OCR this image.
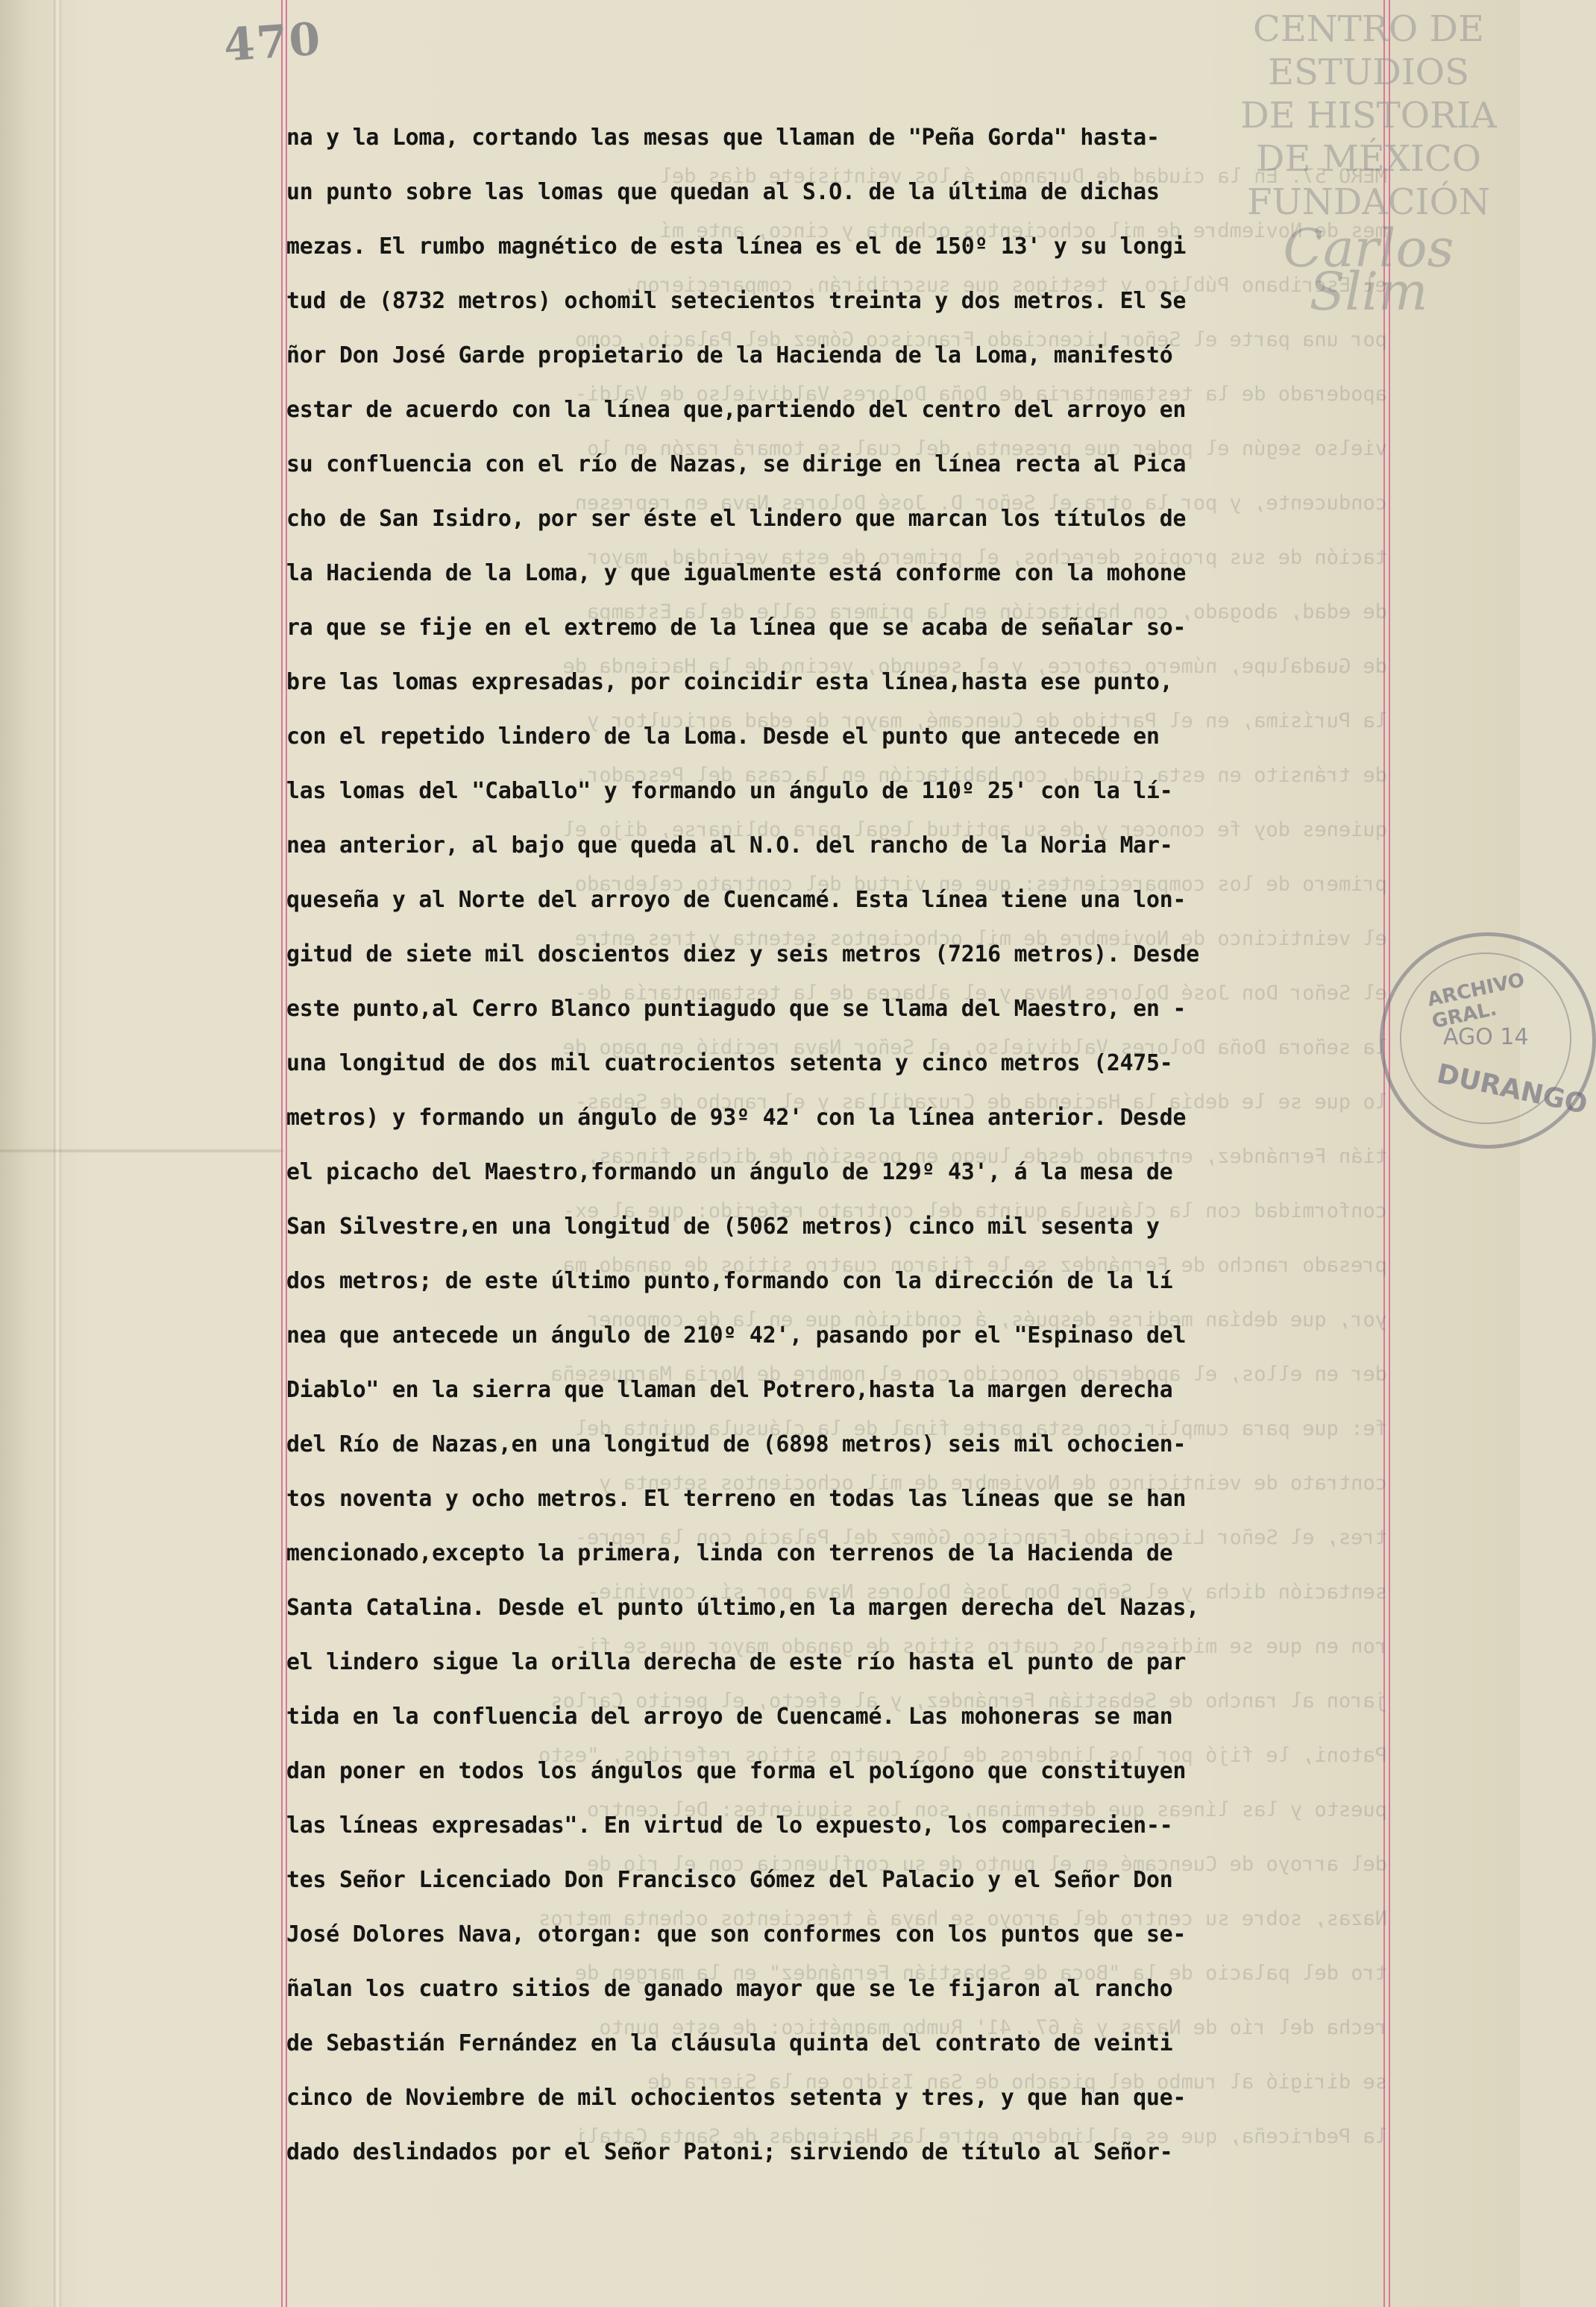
470	CENTRO DE
ESTUDIOS
DE HISTORIA
DE MÉXICO
FUNDACIÓN
Carlos Slim
MERO 57. En la ciudad de Durango, á los veintisiete días del
mes de Noviembre de mil ochocientos ochenta y cinco, ante mí
el Escribano Público y testigos que suscribirán, comparecieron,
por una parte el Señor Licenciado Francisco Gómez del Palacio, como
apoderado de la testamentaria de Doña Dolores Valdivielso de Valdi-
vielso según el poder que presenta, del cual se tomará razón en lo
conducente, y por la otra el Señor D. José Dolores Nava en represen
tación de sus propios derechos, el primero de esta vecindad, mayor
de edad, abogado, con habitación en la primera calle de la Estampa
de Guadalupe, número catorce, y el segundo, vecino de la Hacienda de
la Purísima, en el Partido de Cuencamé, mayor de edad agricultor y
de tránsito en esta ciudad, con habitación en la casa del Pescador,
quienes doy fe conocer y de su aptitud legal para obligarse, dijo el
primero de los comparecientes: que en virtud del contrato celebrado
el veinticinco de Noviembre de mil ochocientos setenta y tres entre
el Señor Don José Dolores Nava y el albacea de la testamentaría de-
la señora Doña Dolores Valdivielso, el Señor Nava recibió en pago de
lo que se le debía la Hacienda de Cruzadillas y el rancho de Sebas-
tián Fernández, entrando desde luego en posesión de dichas fincas,
conformidad con la cláusula quinta del contrato referido: que al ex-
presado rancho de Fernández se le fijaron cuatro sitios de ganado ma
yor, que debían medirse después, á condición que en la de componer
der en ellos, el apoderado conocido con el nombre de Noria Marqueseña
fe: que para cumplir con esta parte final de la cláusula quinta del
contrato de veinticinco de Noviembre de mil ochocientos setenta y
tres, el Señor Licenciado Francisco Gómez del Palacio con la repre-
sentación dicha y el Señor Don José Dolores Nava por sí, convinie-
ron en que se midiesen los cuatro sitios de ganado mayor que se fi-
jaron al rancho de Sebastián Fernández, y al efecto, el perito Carlos
Patoni, le fijó por los linderos de los cuatro sitios referidos, "esto
puesto y las líneas que determinan, son los siguientes: Del centro
del arroyo de Cuencamé en el punto de su confluencia con el río de
Nazas, sobre su centro del arroyo se haya á trescientos ochenta metros
tro del palacio de la "Boca de Sebastián Fernández" en la margen de
recha del río de Nazas y á 67. 41' Rumbo magnético: de este punto
se dirigió al rumbo del picacho de San Isidro en la Sierra de
la Pedriceña, que es el lindero entre las Haciendas de Santa Catali
na y la Loma, cortando las mesas que llaman de "Peña Gorda" hasta-
un punto sobre las lomas que quedan al S.O. de la última de dichas
mezas. El rumbo magnético de esta línea es el de 150º 13' y su longi
tud de (8732 metros) ochomil setecientos treinta y dos metros. El Se
ñor Don José Garde propietario de la Hacienda de la Loma, manifestó
estar de acuerdo con la línea que,partiendo del centro del arroyo en
su confluencia con el río de Nazas, se dirige en línea recta al Pica
cho de San Isidro, por ser éste el lindero que marcan los títulos de
la Hacienda de la Loma, y que igualmente está conforme con la mohone
ra que se fije en el extremo de la línea que se acaba de señalar so-
bre las lomas expresadas, por coincidir esta línea,hasta ese punto,
con el repetido lindero de la Loma. Desde el punto que antecede en
las lomas del "Caballo" y formando un ángulo de 110º 25' con la lí-
nea anterior, al bajo que queda al N.O. del rancho de la Noria Mar-
queseña y al Norte del arroyo de Cuencamé. Esta línea tiene una lon-
gitud de siete mil doscientos diez y seis metros (7216 metros). Desde
este punto,al Cerro Blanco puntiagudo que se llama del Maestro, en -
una longitud de dos mil cuatrocientos setenta y cinco metros (2475-
metros) y formando un ángulo de 93º 42' con la línea anterior. Desde
el picacho del Maestro,formando un ángulo de 129º 43', á la mesa de
San Silvestre,en una longitud de (5062 metros) cinco mil sesenta y
dos metros; de este último punto,formando con la dirección de la lí
nea que antecede un ángulo de 210º 42', pasando por el "Espinaso del
Diablo" en la sierra que llaman del Potrero,hasta la margen derecha
del Río de Nazas,en una longitud de (6898 metros) seis mil ochocien-
tos noventa y ocho metros. El terreno en todas las líneas que se han
mencionado,excepto la primera, linda con terrenos de la Hacienda de
Santa Catalina. Desde el punto último,en la margen derecha del Nazas,
el lindero sigue la orilla derecha de este río hasta el punto de par
tida en la confluencia del arroyo de Cuencamé. Las mohoneras se man
dan poner en todos los ángulos que forma el polígono que constituyen
las líneas expresadas". En virtud de lo expuesto, los comparecien--
tes Señor Licenciado Don Francisco Gómez del Palacio y el Señor Don
José Dolores Nava, otorgan: que son conformes con los puntos que se-
ñalan los cuatro sitios de ganado mayor que se le fijaron al rancho
de Sebastián Fernández en la cláusula quinta del contrato de veinti
cinco de Noviembre de mil ochocientos setenta y tres, y que han que-
dado deslindados por el Señor Patoni; sirviendo de título al Señor-
ARCHIVO GRAL.
AGO 14
DURANGO
